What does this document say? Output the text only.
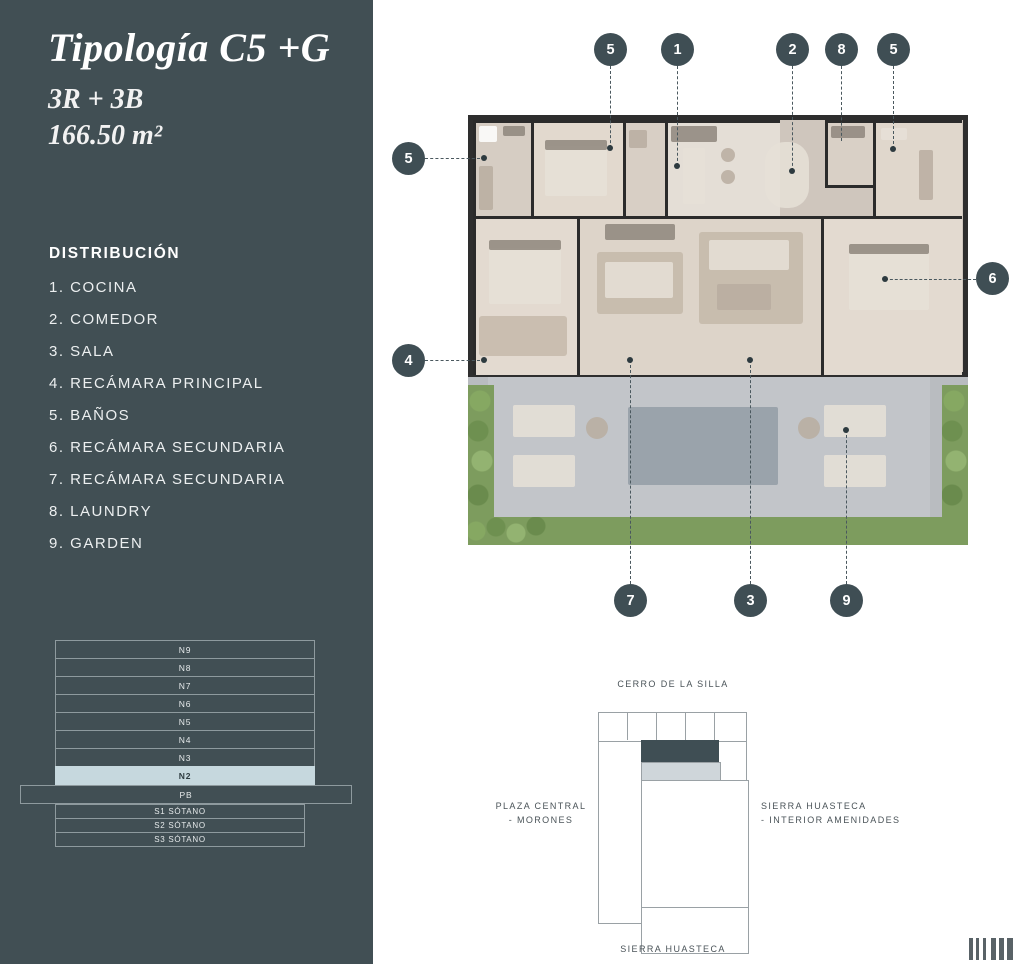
Tipología C5 +G

3R + 3B

166.50 m²

DISTRIBUCIÓN

1. COCINA

2. COMEDOR

3. SALA

4. RECÁMARA PRINCIPAL

5. BAÑOS

6. RECÁMARA SECUNDARIA

7. RECÁMARA SECUNDARIA

8. LAUNDRY

9. GARDEN

N9
N8
N7
N6
N5
N4
N3
N2
PB
S1 SÓTANO
S2 SÓTANO
S3 SÓTANO
5	1	2	8	5
5
4
6
7	3	9
CERRO DE LA SILLA
PLAZA CENTRAL
- MORONES
SIERRA HUASTECA
- INTERIOR AMENIDADES
SIERRA HUASTECA
